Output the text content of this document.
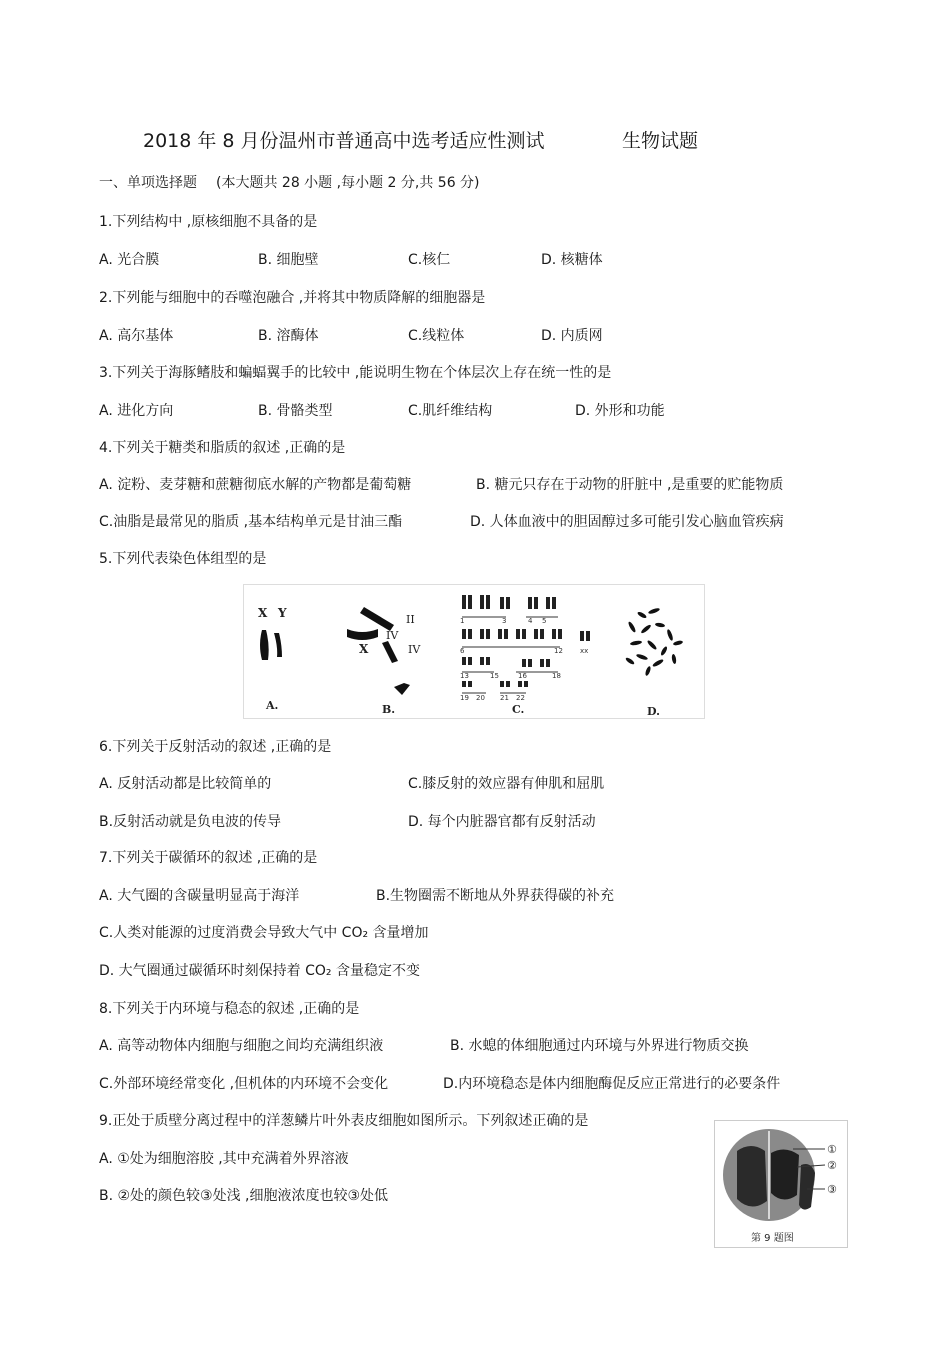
2018 年 8 月份温州市普通高中选考适应性测试	生物试题
一、单项选择题 (本大题共 28 小题 ,每小题 2 分,共 56 分)
1.下列结构中 ,原核细胞不具备的是
A. 光合膜	B. 细胞壁	C.核仁	D. 核糖体
2.下列能与细胞中的吞噬泡融合 ,并将其中物质降解的细胞器是
A. 高尔基体	B. 溶酶体	C.线粒体	D. 内质网
3.下列关于海豚鳍肢和蝙蝠翼手的比较中 ,能说明生物在个体层次上存在统一性的是
A. 进化方向	B. 骨骼类型	C.肌纤维结构	D. 外形和功能
4.下列关于糖类和脂质的叙述 ,正确的是
A. 淀粉、麦芽糖和蔗糖彻底水解的产物都是葡萄糖	B. 糖元只存在于动物的肝脏中 ,是重要的贮能物质
C.油脂是最常见的脂质 ,基本结构单元是甘油三酯	D. 人体血液中的胆固醇过多可能引发心脑血管疾病
5.下列代表染色体组型的是
X Y	II
IV
IV
X
1	3	4 5
6	12 xx
13	15	16	18
19 20 21 22
A.	B.	C.	D.
6.下列关于反射活动的叙述 ,正确的是
A. 反射活动都是比较简单的	C.膝反射的效应器有伸肌和屈肌
B.反射活动就是负电波的传导	D. 每个内脏器官都有反射活动
7.下列关于碳循环的叙述 ,正确的是
A. 大气圈的含碳量明显高于海洋	B.生物圈需不断地从外界获得碳的补充
C.人类对能源的过度消费会导致大气中 CO₂ 含量增加
D. 大气圈通过碳循环时刻保持着 CO₂ 含量稳定不变
8.下列关于内环境与稳态的叙述 ,正确的是
A. 高等动物体内细胞与细胞之间均充满组织液	B. 水螅的体细胞通过内环境与外界进行物质交换
C.外部环境经常变化 ,但机体的内环境不会变化	D.内环境稳态是体内细胞酶促反应正常进行的必要条件
9.正处于质壁分离过程中的洋葱鳞片叶外表皮细胞如图所示。下列叙述正确的是
A. ①处为细胞溶胶 ,其中充满着外界溶液
B. ②处的颜色较③处浅 ,细胞液浓度也较③处低
①
②
③
第 9 题图
